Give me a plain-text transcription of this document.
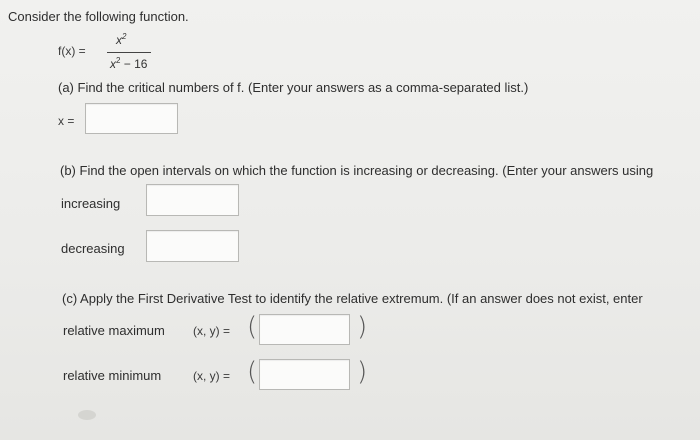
Consider the following function.
f(x) =
$x^2$
$x^2 - 16$
(a) Find the critical numbers of f. (Enter your answers as a comma-separated list.)
x =
(b) Find the open intervals on which the function is increasing or decreasing. (Enter your answers using
increasing
decreasing
(c) Apply the First Derivative Test to identify the relative extremum. (If an answer does not exist, enter
relative maximum (x, y) = (	)
relative minimum	(x, y) = (	)
